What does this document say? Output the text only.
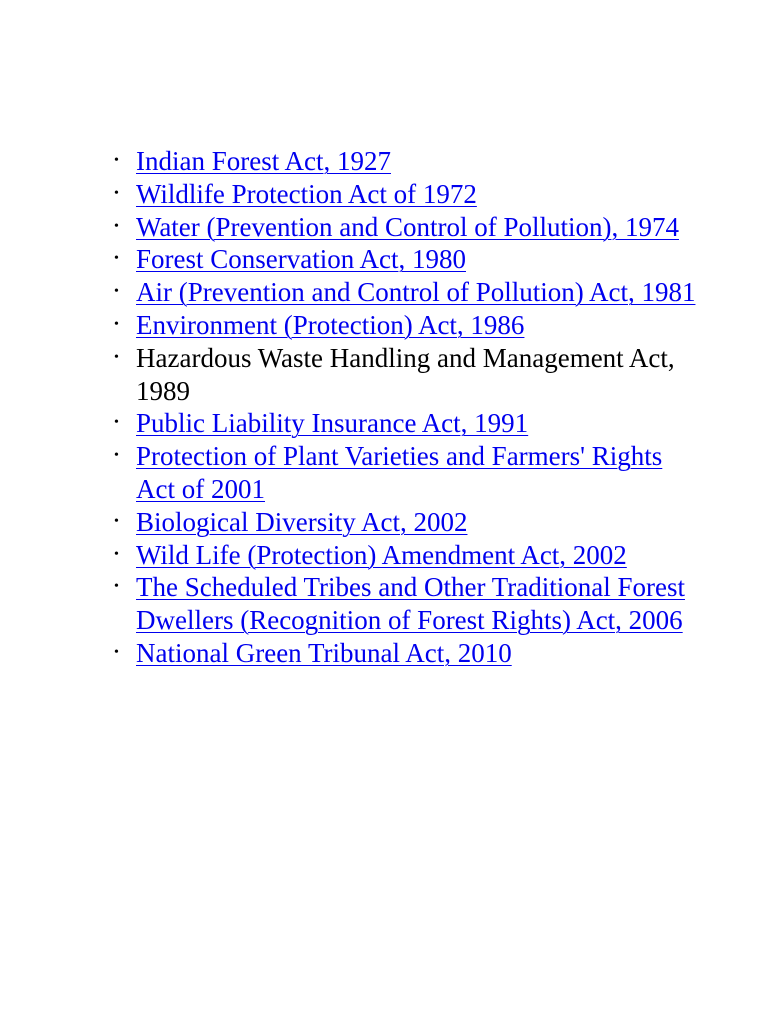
• Indian Forest Act, 1927
• Wildlife Protection Act of 1972
• Water (Prevention and Control of Pollution), 1974
• Forest Conservation Act, 1980
• Air (Prevention and Control of Pollution) Act, 1981
• Environment (Protection) Act, 1986
• Hazardous Waste Handling and Management Act, 1989
• Public Liability Insurance Act, 1991
• Protection of Plant Varieties and Farmers' Rights Act of 2001
• Biological Diversity Act, 2002
• Wild Life (Protection) Amendment Act, 2002
• The Scheduled Tribes and Other Traditional Forest Dwellers (Recognition of Forest Rights) Act, 2006
• National Green Tribunal Act, 2010
